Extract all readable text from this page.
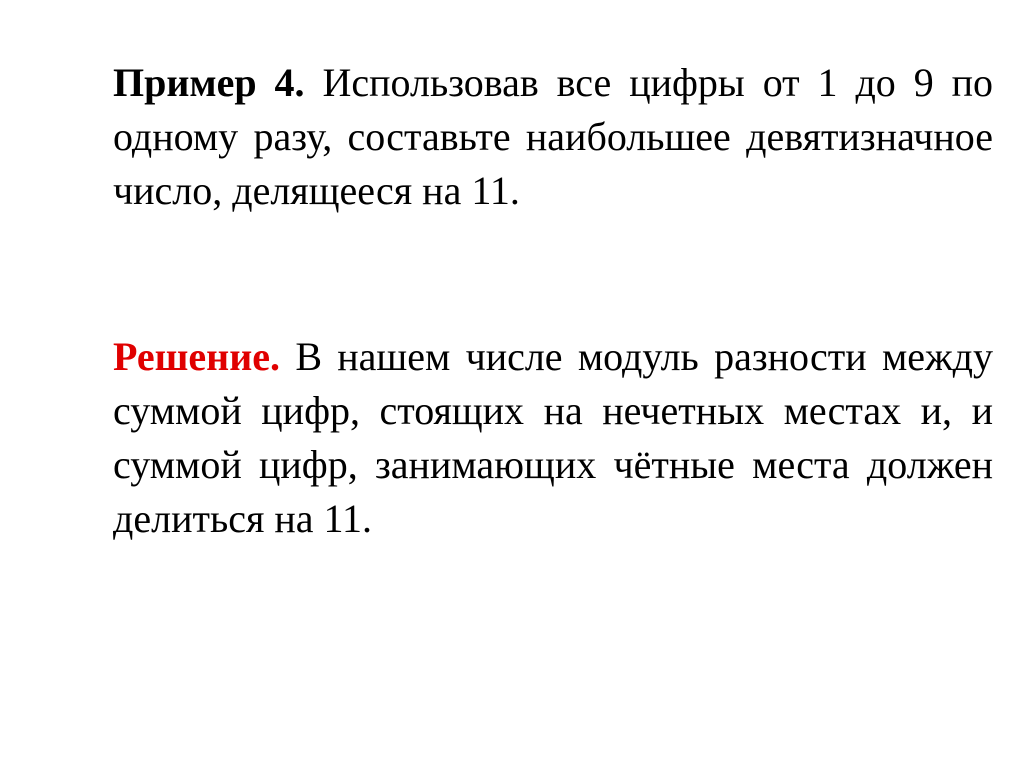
Пример 4. Использовав все цифры от 1 до 9 по одному разу, составьте наибольшее девятизначное число, делящееся на 11.

Решение. В нашем числе модуль разности между суммой цифр, стоящих на нечетных местах и, и суммой цифр, занимающих чётные места должен делиться на 11.
